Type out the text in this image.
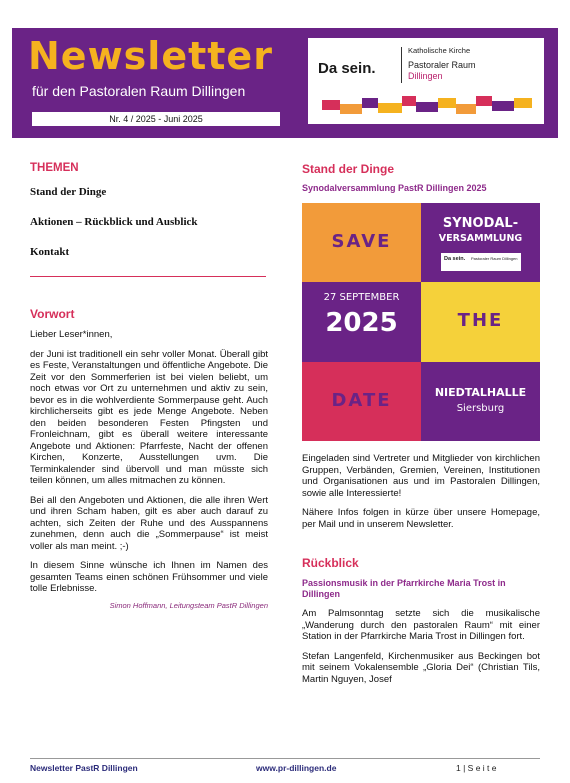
Newsletter
für den Pastoralen Raum Dillingen
Nr. 4 / 2025 - Juni 2025
Da sein.
Katholische Kirche
Pastoraler Raum
Dillingen
THEMEN
Stand der Dinge
Aktionen – Rückblick und Ausblick
Kontakt
Vorwort

Lieber Leser*innen,

der Juni ist traditionell ein sehr voller Monat. Überall gibt es Feste, Veranstaltungen und öffentliche Angebote. Die Zeit vor den Sommerferien ist bei vielen beliebt, um noch etwas vor Ort zu unternehmen und aktiv zu sein, bevor es in die wohlverdiente Sommerpause geht. Auch kirchlicherseits gibt es jede Menge Angebote. Neben den beiden besonderen Festen Pfingsten und Fronleichnam, gibt es überall weitere interessante Angebote und Aktionen: Pfarrfeste, Nacht der offenen Kirchen, Konzerte, Ausstellungen uvm. Die Terminkalender sind übervoll und man müsste sich teilen können, um alles mitmachen zu können.

Bei all den Angeboten und Aktionen, die alle ihren Wert und ihren Scham haben, gilt es aber auch darauf zu achten, sich Zeiten der Ruhe und des Ausspannens zunehmen, denn auch die „Sommerpause“ ist meist voller als man meint. ;-)

In diesem Sinne wünsche ich Ihnen im Namen des gesamten Teams einen schönen Frühsommer und viele tolle Erlebnisse.

Simon Hoffmann, Leitungsteam PastR Dillingen

Stand der Dinge
Synodalversammlung PastR Dillingen 2025
SAVE
SYNODAL-
VERSAMMLUNG
Da sein. Pastoraler Raum Dillingen
27 SEPTEMBER
2025	THE
DATE	NIEDTALHALLE
Siersburg

Eingeladen sind Vertreter und Mitglieder von kirchlichen Gruppen, Verbänden, Gremien, Vereinen, Institutionen und Organisationen aus und im Pastoralen Dillingen, sowie alle Interessierte!

Nähere Infos folgen in kürze über unsere Homepage, per Mail und in unserem Newsletter.

Rückblick
Passionsmusik in der Pfarrkirche Maria Trost in Dillingen

Am Palmsonntag setzte sich die musikalische „Wanderung durch den pastoralen Raum“ mit einer Station in der Pfarrkirche Maria Trost in Dillingen fort.

Stefan Langenfeld, Kirchenmusiker aus Beckingen bot mit seinem Vokalensemble „Gloria Dei“ (Christian Tils, Martin Nguyen, Josef

Newsletter PastR Dillingen	www.pr-dillingen.de	1 | S e i t e
